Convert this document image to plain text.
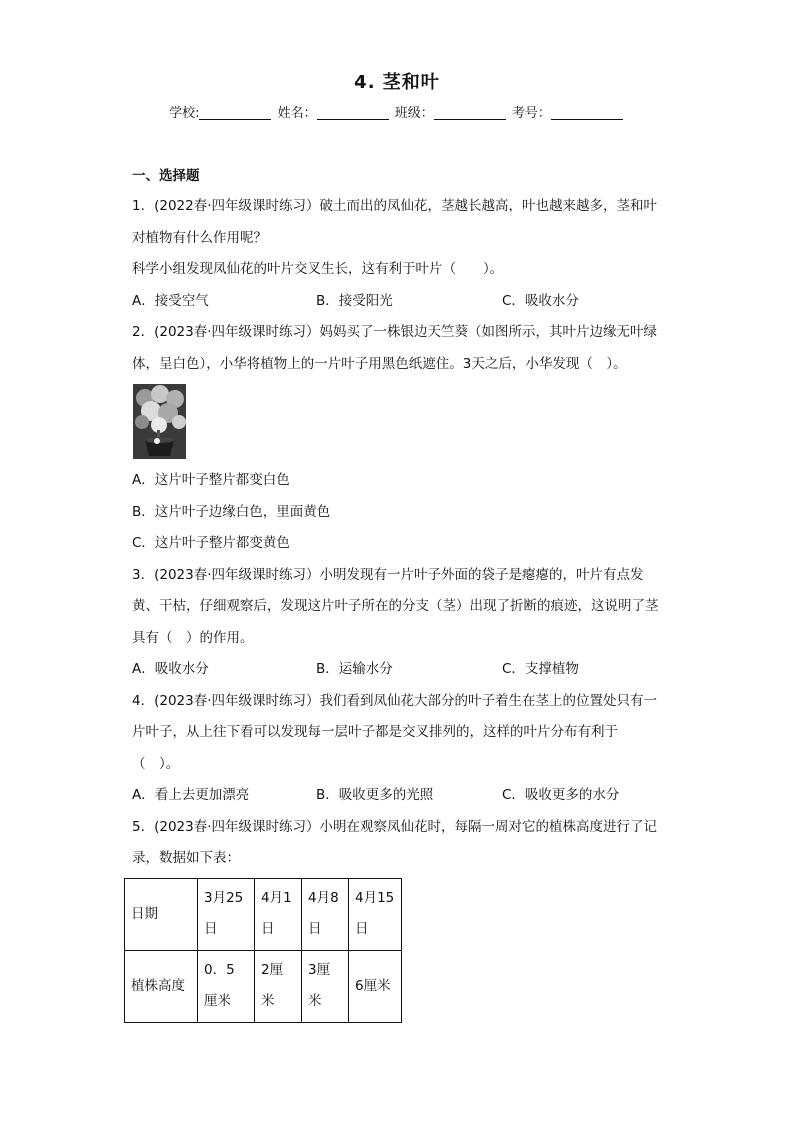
4. 茎和叶
学校:	姓名：	班级：	考号：
一、选择题

1．(2022春·四年级课时练习）破土而出的凤仙花，茎越长越高，叶也越来越多，茎和叶对植物有什么作用呢？

科学小组发现凤仙花的叶片交叉生长，这有利于叶片（　　）。

A．接受空气	B．接受阳光	C．吸收水分

2．(2023春·四年级课时练习）妈妈买了一株银边天竺葵（如图所示，其叶片边缘无叶绿体，呈白色），小华将植物上的一片叶子用黑色纸遮住。3天之后，小华发现（　）。

A．这片叶子整片都变白色

B．这片叶子边缘白色，里面黄色

C．这片叶子整片都变黄色

3．(2023春·四年级课时练习）小明发现有一片叶子外面的袋子是瘪瘪的，叶片有点发黄、干枯，仔细观察后，发现这片叶子所在的分支（茎）出现了折断的痕迹，这说明了茎具有（　）的作用。

A．吸收水分	B．运输水分	C．支撑植物

4．(2023春·四年级课时练习）我们看到凤仙花大部分的叶子着生在茎上的位置处只有一片叶子，从上往下看可以发现每一层叶子都是交叉排列的，这样的叶片分布有利于（　）。

A．看上去更加漂亮	B．吸收更多的光照	C．吸收更多的水分

5．(2023春·四年级课时练习）小明在观察凤仙花时，每隔一周对它的植株高度进行了记录，数据如下表：

日期	3月25日	4月1日	4月8日	4月15日
植株高度	0．5厘米	2厘米	3厘米	6厘米
